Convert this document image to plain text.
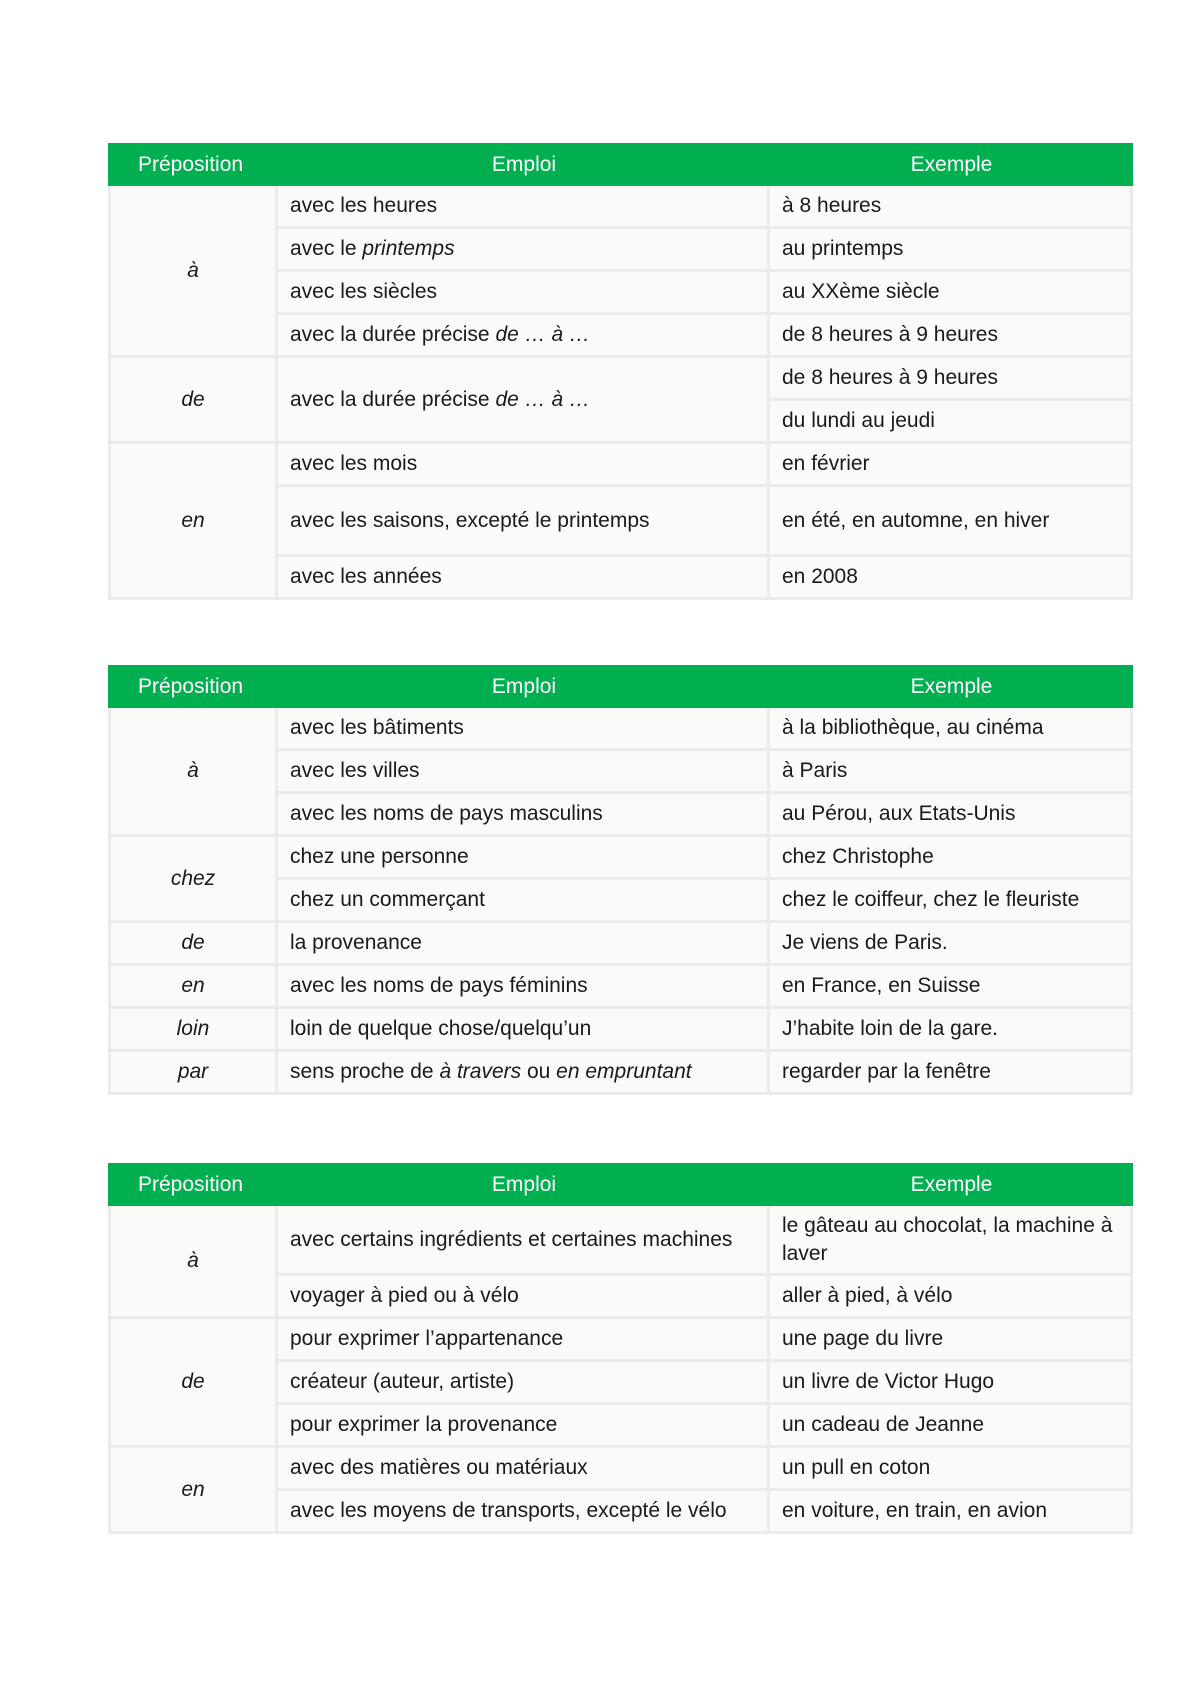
Préposition	Emploi	Exemple
à	avec les heures	à 8 heures
	avec le printemps	au printemps
	avec les siècles	au XXème siècle
	avec la durée précise de … à …	de 8 heures à 9 heures
de	avec la durée précise de … à …	de 8 heures à 9 heures
		du lundi au jeudi
en	avec les mois	en février
	avec les saisons, excepté le printemps	en été, en automne, en hiver
	avec les années	en 2008
Préposition	Emploi	Exemple
à	avec les bâtiments	à la bibliothèque, au cinéma
	avec les villes	à Paris
	avec les noms de pays masculins	au Pérou, aux Etats-Unis
chez	chez une personne	chez Christophe
	chez un commerçant	chez le coiffeur, chez le fleuriste
de	la provenance	Je viens de Paris.
en	avec les noms de pays féminins	en France, en Suisse
loin	loin de quelque chose/quelqu’un	J’habite loin de la gare.
par	sens proche de à travers ou en empruntant	regarder par la fenêtre
Préposition	Emploi	Exemple
à	avec certains ingrédients et certaines machines	le gâteau au chocolat, la machine à laver
	voyager à pied ou à vélo	aller à pied, à vélo
de	pour exprimer l’appartenance	une page du livre
	créateur (auteur, artiste)	un livre de Victor Hugo
	pour exprimer la provenance	un cadeau de Jeanne
en	avec des matières ou matériaux	un pull en coton
	avec les moyens de transports, excepté le vélo	en voiture, en train, en avion
